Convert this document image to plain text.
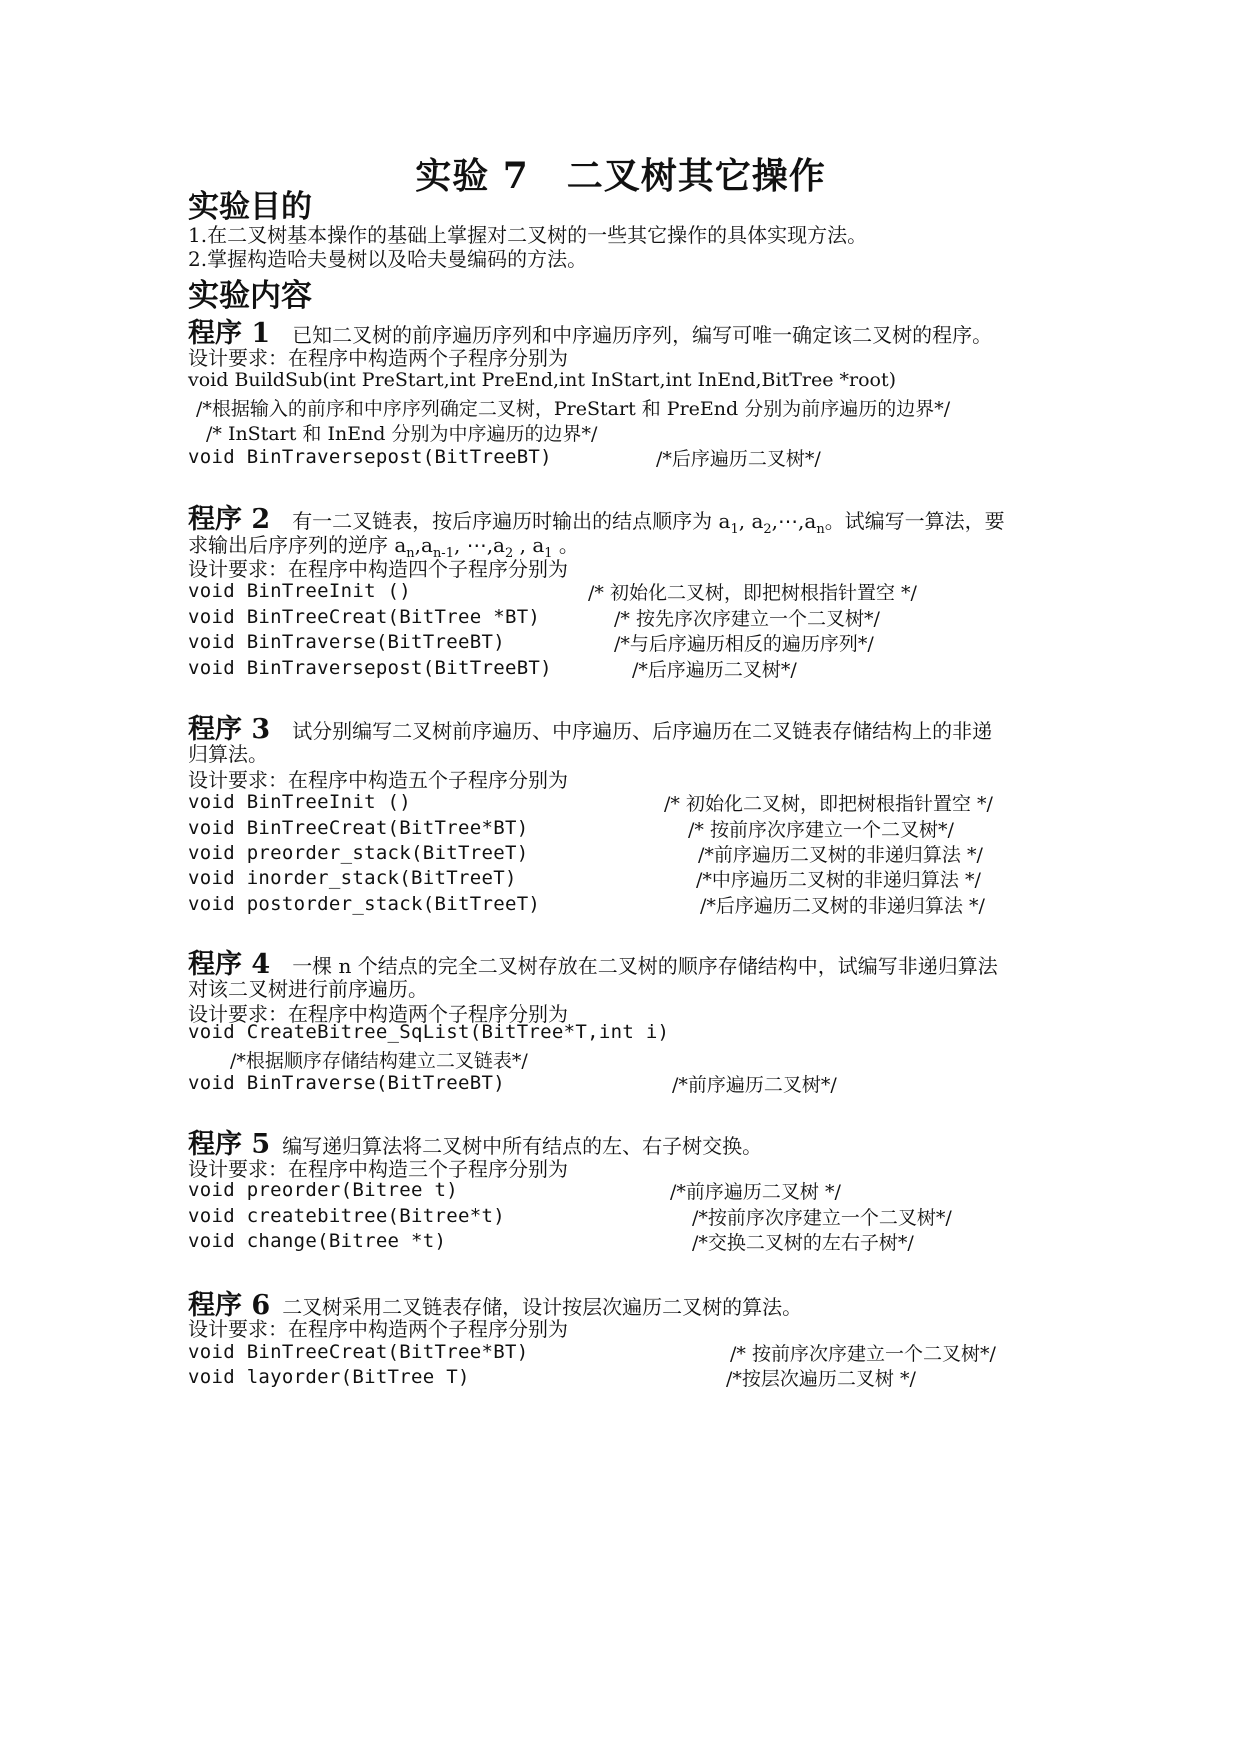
实验 7 二叉树其它操作
实验目的
1.在二叉树基本操作的基础上掌握对二叉树的一些其它操作的具体实现方法。
2.掌握构造哈夫曼树以及哈夫曼编码的方法。
实验内容
程序 1 已知二叉树的前序遍历序列和中序遍历序列，编写可唯一确定该二叉树的程序。
设计要求：在程序中构造两个子程序分别为
void BuildSub(int PreStart,int PreEnd,int InStart,int InEnd,BitTree *root)
/*根据输入的前序和中序序列确定二叉树，PreStart 和 PreEnd 分别为前序遍历的边界*/
/* InStart 和 InEnd 分别为中序遍历的边界*/
void BinTraversepost(BitTreeBT)	/*后序遍历二叉树*/
程序 2 有一二叉链表，按后序遍历时输出的结点顺序为 $a_1$, $a_2,\cdots,a_n$。试编写一算法，要
求输出后序序列的逆序 $a_n,a_{n-1}$, $\cdots,a_2$ , $a_1$ 。
设计要求：在程序中构造四个子程序分别为
void BinTreeInit ()	/* 初始化二叉树，即把树根指针置空 */
void BinTreeCreat(BitTree *BT)	/* 按先序次序建立一个二叉树*/
void BinTraverse(BitTreeBT)	/*与后序遍历相反的遍历序列*/
void BinTraversepost(BitTreeBT)	/*后序遍历二叉树*/
程序 3 试分别编写二叉树前序遍历、中序遍历、后序遍历在二叉链表存储结构上的非递
归算法。
设计要求：在程序中构造五个子程序分别为
void BinTreeInit ()	/* 初始化二叉树，即把树根指针置空 */
void BinTreeCreat(BitTree*BT)	/* 按前序次序建立一个二叉树*/
void preorder_stack(BitTreeT)	/*前序遍历二叉树的非递归算法 */
void inorder_stack(BitTreeT)	/*中序遍历二叉树的非递归算法 */
void postorder_stack(BitTreeT)	/*后序遍历二叉树的非递归算法 */
程序 4 一棵 n 个结点的完全二叉树存放在二叉树的顺序存储结构中，试编写非递归算法
对该二叉树进行前序遍历。
设计要求：在程序中构造两个子程序分别为
void CreateBitree_SqList(BitTree*T,int i)
/*根据顺序存储结构建立二叉链表*/
void BinTraverse(BitTreeBT)	/*前序遍历二叉树*/
程序 5 编写递归算法将二叉树中所有结点的左、右子树交换。
设计要求：在程序中构造三个子程序分别为
void preorder(Bitree t)	/*前序遍历二叉树 */
void createbitree(Bitree*t)	/*按前序次序建立一个二叉树*/
void change(Bitree *t)	/*交换二叉树的左右子树*/
程序 6 二叉树采用二叉链表存储，设计按层次遍历二叉树的算法。
设计要求：在程序中构造两个子程序分别为
void BinTreeCreat(BitTree*BT)	/* 按前序次序建立一个二叉树*/
void layorder(BitTree T)	/*按层次遍历二叉树 */
